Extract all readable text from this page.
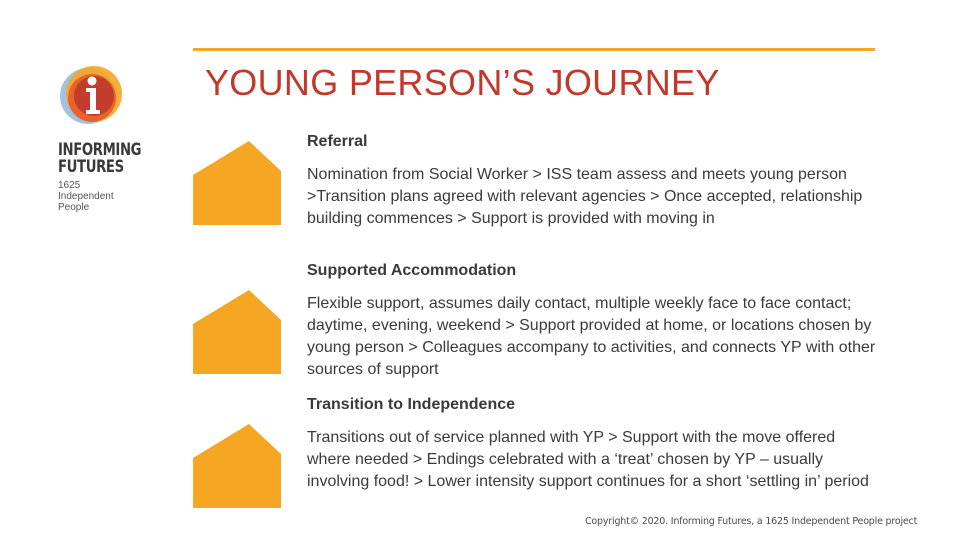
INFORMING
FUTURES
1625
Independent
People
YOUNG PERSON’S JOURNEY
Referral
Nomination from Social Worker > ISS team assess and meets young person >Transition plans agreed with relevant agencies > Once accepted, relationship building commences > Support is provided with moving in
Supported Accommodation
Flexible support, assumes daily contact, multiple weekly face to face contact; daytime, evening, weekend > Support provided at home, or locations chosen by young person > Colleagues accompany to activities, and connects YP with other sources of support
Transition to Independence
Transitions out of service planned with YP > Support with the move offered where needed > Endings celebrated with a ‘treat’ chosen by YP – usually involving food! > Lower intensity support continues for a short ‘settling in’ period
Copyright© 2020. Informing Futures, a 1625 Independent People project
